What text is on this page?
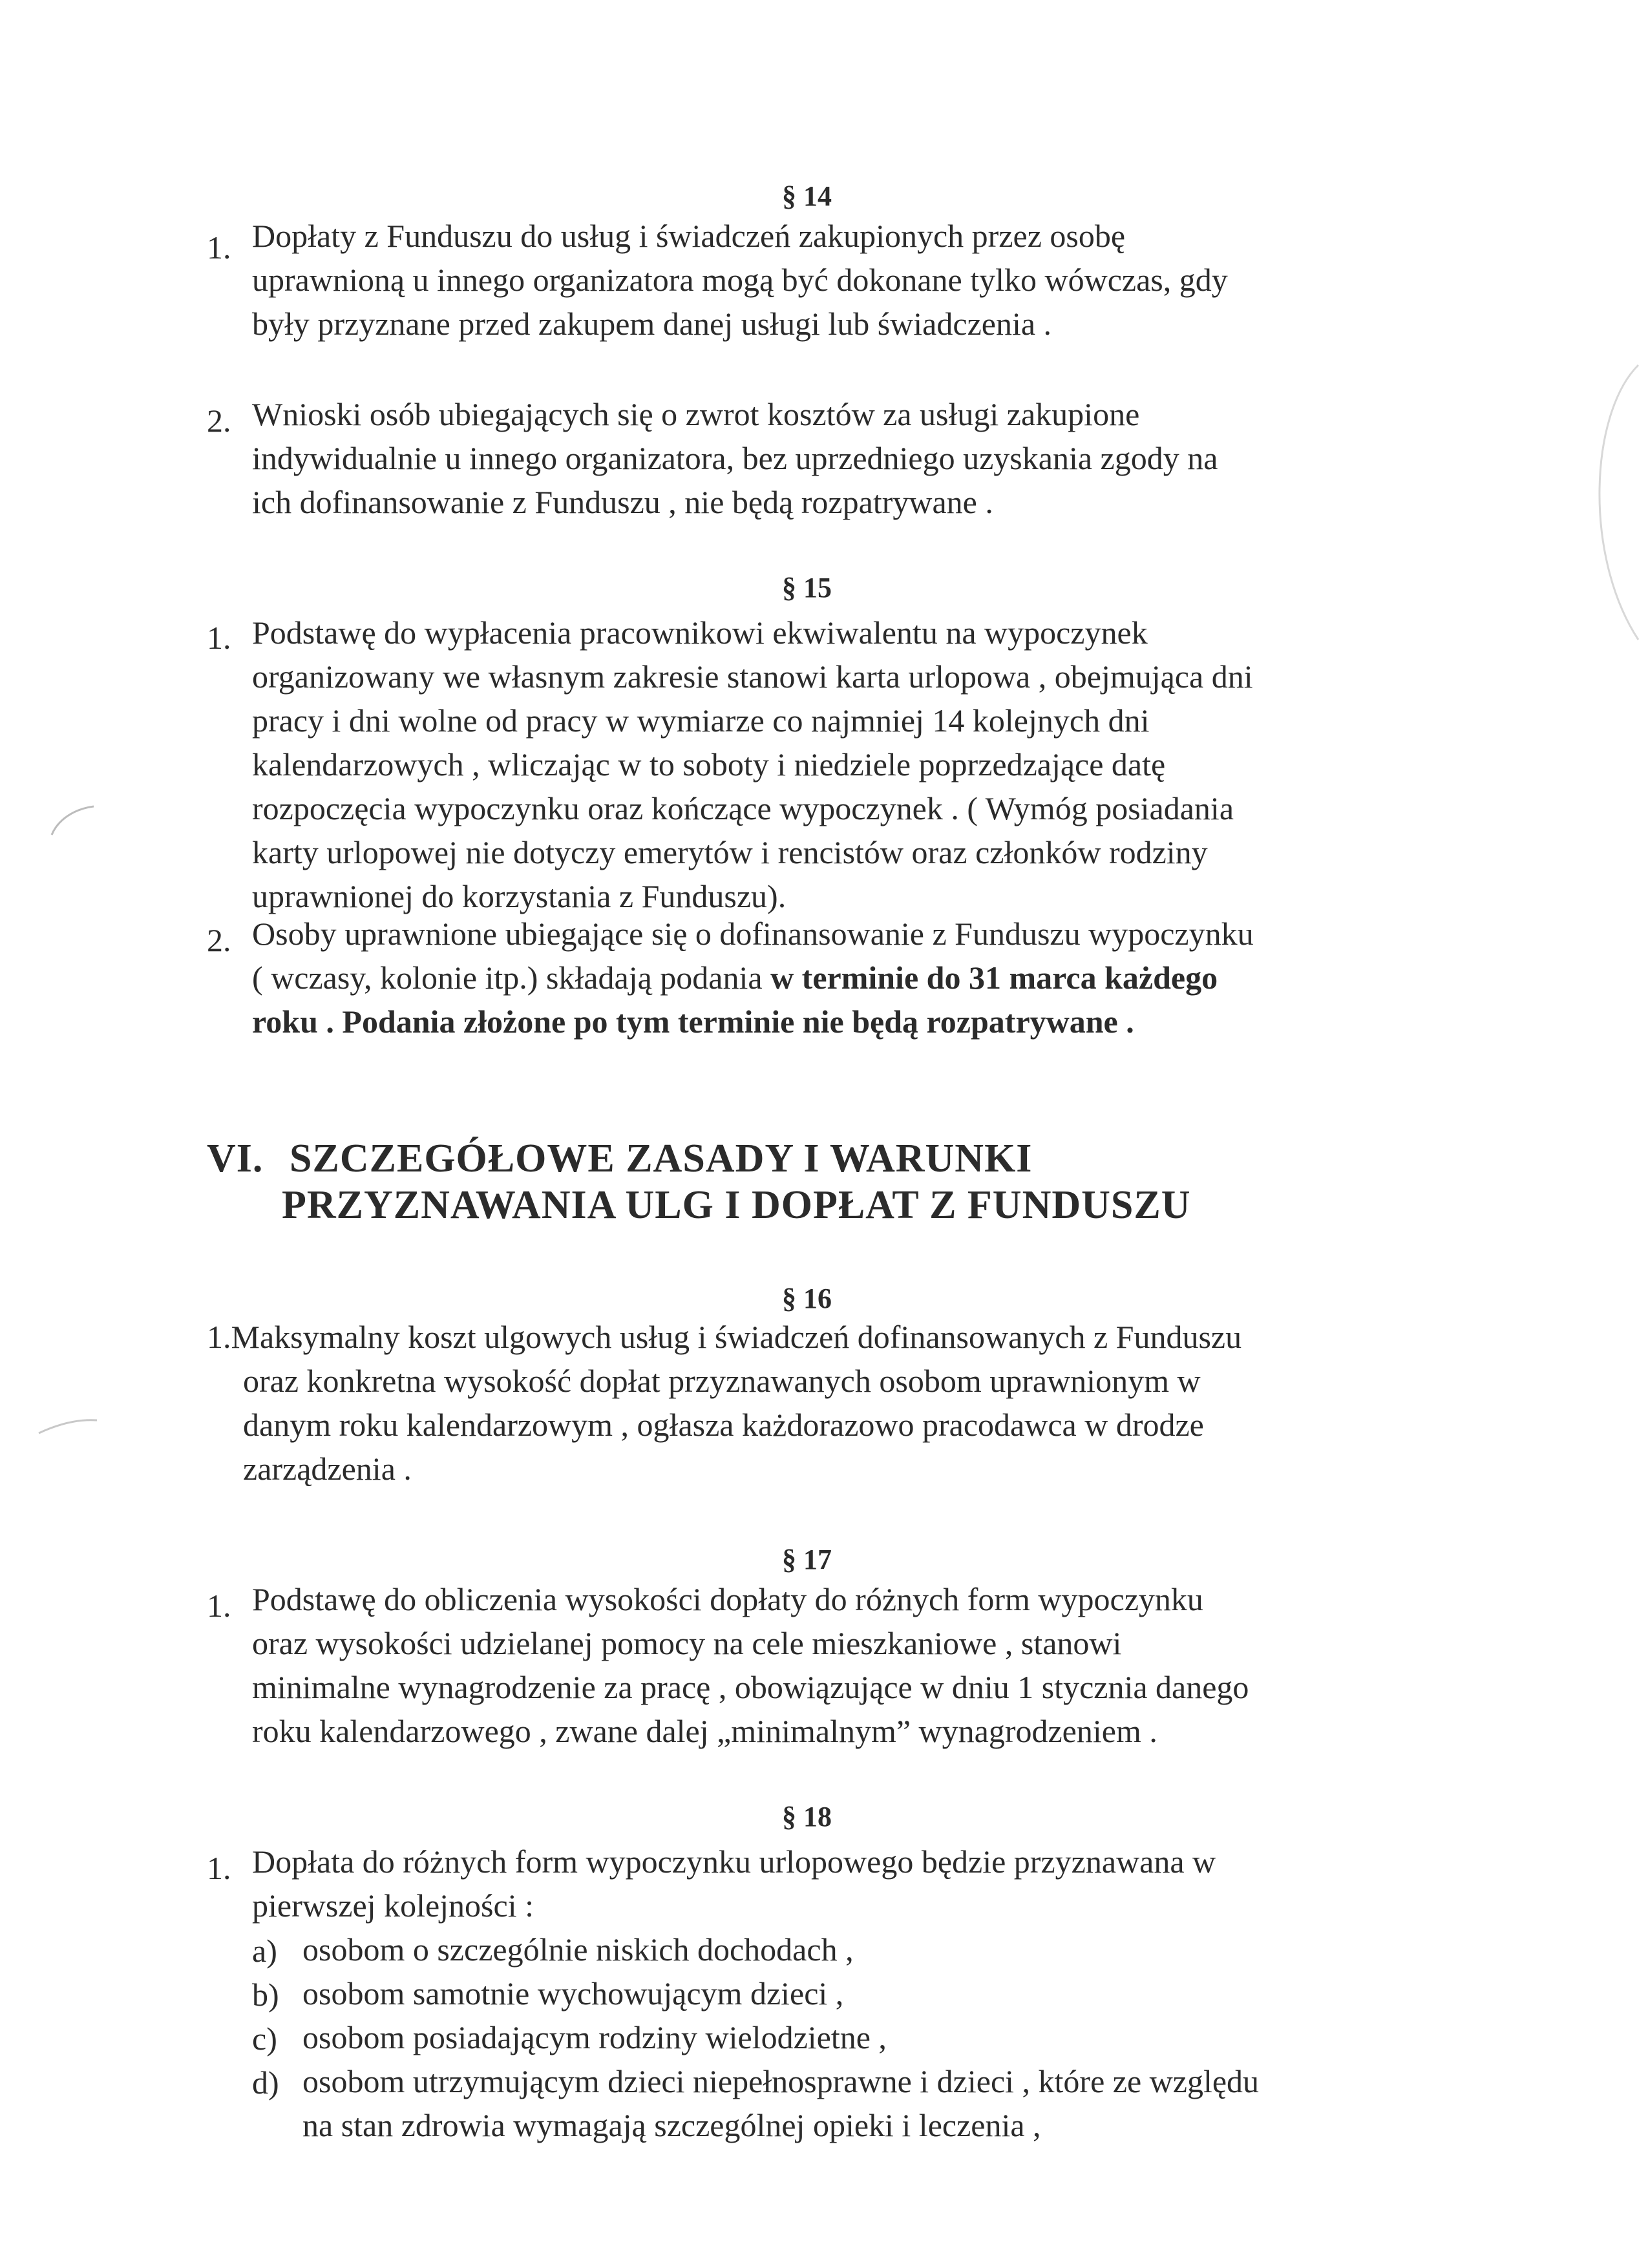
§ 14
1. Dopłaty z Funduszu do usług i świadczeń zakupionych przez osobę
uprawnioną u innego organizatora mogą być dokonane tylko wówczas, gdy
były przyznane przed zakupem danej usługi lub świadczenia .
2. Wnioski osób ubiegających się o zwrot kosztów za usługi zakupione
indywidualnie u innego organizatora, bez uprzedniego uzyskania zgody na
ich dofinansowanie z Funduszu , nie będą rozpatrywane .
§ 15
1. Podstawę do wypłacenia pracownikowi ekwiwalentu na wypoczynek
organizowany we własnym zakresie stanowi karta urlopowa , obejmująca dni
pracy i dni wolne od pracy w wymiarze co najmniej 14 kolejnych dni
kalendarzowych , wliczając w to soboty i niedziele poprzedzające datę
rozpoczęcia wypoczynku oraz kończące wypoczynek . ( Wymóg posiadania
karty urlopowej nie dotyczy emerytów i rencistów oraz członków rodziny
uprawnionej do korzystania z Funduszu).
2. Osoby uprawnione ubiegające się o dofinansowanie z Funduszu wypoczynku
( wczasy, kolonie itp.) składają podania w terminie do 31 marca każdego
roku . Podania złożone po tym terminie nie będą rozpatrywane .
VI. SZCZEGÓŁOWE ZASADY I WARUNKI
PRZYZNAWANIA ULG I DOPŁAT Z FUNDUSZU
§ 16
1.Maksymalny koszt ulgowych usług i świadczeń dofinansowanych z Funduszu
oraz konkretna wysokość dopłat przyznawanych osobom uprawnionym w
danym roku kalendarzowym , ogłasza każdorazowo pracodawca w drodze
zarządzenia .
§ 17
1. Podstawę do obliczenia wysokości dopłaty do różnych form wypoczynku
oraz wysokości udzielanej pomocy na cele mieszkaniowe , stanowi
minimalne wynagrodzenie za pracę , obowiązujące w dniu 1 stycznia danego
roku kalendarzowego , zwane dalej „minimalnym” wynagrodzeniem .
§ 18
1. Dopłata do różnych form wypoczynku urlopowego będzie przyznawana w
pierwszej kolejności :
a) osobom o szczególnie niskich dochodach ,
b) osobom samotnie wychowującym dzieci ,
c) osobom posiadającym rodziny wielodzietne ,
d) osobom utrzymującym dzieci niepełnosprawne i dzieci , które ze względu
na stan zdrowia wymagają szczególnej opieki i leczenia ,
